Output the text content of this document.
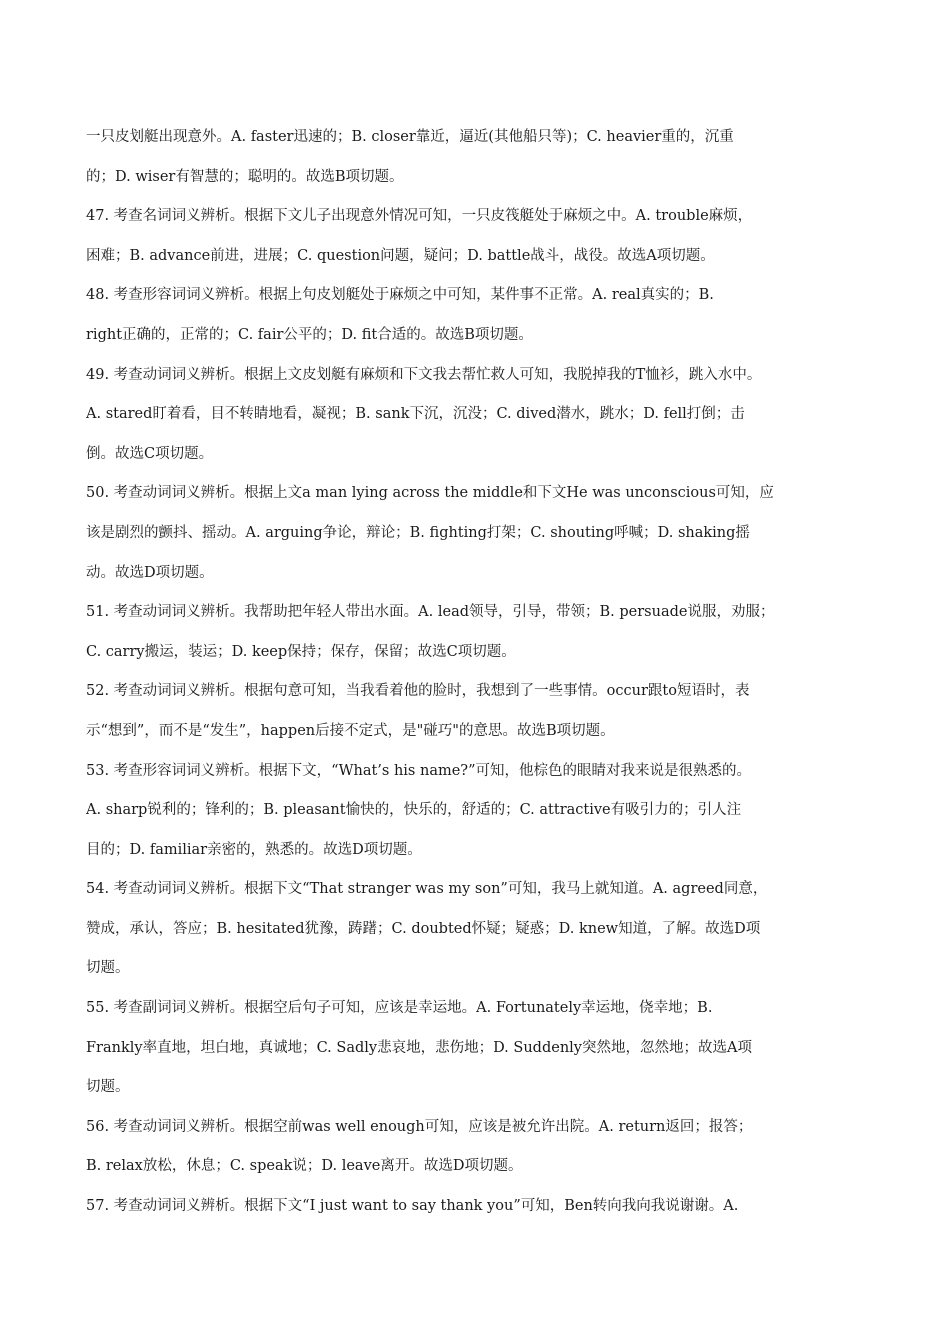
一只皮划艇出现意外。A. faster迅速的；B. closer靠近，逼近(其他船只等)；C. heavier重的，沉重
的；D. wiser有智慧的；聪明的。故选B项切题。
47. 考查名词词义辨析。根据下文儿子出现意外情况可知，一只皮筏艇处于麻烦之中。A. trouble麻烦，
困难；B. advance前进，进展；C. question问题，疑问；D. battle战斗，战役。故选A项切题。
48. 考查形容词词义辨析。根据上句皮划艇处于麻烦之中可知，某件事不正常。A. real真实的；B.
right正确的，正常的；C. fair公平的；D. fit合适的。故选B项切题。
49. 考查动词词义辨析。根据上文皮划艇有麻烦和下文我去帮忙救人可知，我脱掉我的T恤衫，跳入水中。
A. stared盯着看，目不转睛地看，凝视；B. sank下沉，沉没；C. dived潜水，跳水；D. fell打倒；击
倒。故选C项切题。
50. 考查动词词义辨析。根据上文a man lying across the middle和下文He was unconscious可知，应
该是剧烈的颤抖、摇动。A. arguing争论，辩论；B. fighting打架；C. shouting呼喊；D. shaking摇
动。故选D项切题。
51. 考查动词词义辨析。我帮助把年轻人带出水面。A. lead领导，引导，带领；B. persuade说服，劝服；
C. carry搬运，装运；D. keep保持；保存，保留；故选C项切题。
52. 考查动词词义辨析。根据句意可知，当我看着他的脸时，我想到了一些事情。occur跟to短语时，表
示“想到”，而不是“发生”，happen后接不定式，是"碰巧"的意思。故选B项切题。
53. 考查形容词词义辨析。根据下文，“What’s his name?”可知，他棕色的眼睛对我来说是很熟悉的。
A. sharp锐利的；锋利的；B. pleasant愉快的，快乐的，舒适的；C. attractive有吸引力的；引人注
目的；D. familiar亲密的，熟悉的。故选D项切题。
54. 考查动词词义辨析。根据下文“That stranger was my son”可知，我马上就知道。A. agreed同意，
赞成，承认，答应；B. hesitated犹豫，踌躇；C. doubted怀疑；疑惑；D. knew知道，了解。故选D项
切题。
55. 考查副词词义辨析。根据空后句子可知，应该是幸运地。A. Fortunately幸运地，侥幸地；B.
Frankly率直地，坦白地，真诚地；C. Sadly悲哀地，悲伤地；D. Suddenly突然地，忽然地；故选A项
切题。
56. 考查动词词义辨析。根据空前was well enough可知，应该是被允许出院。A. return返回；报答；
B. relax放松，休息；C. speak说；D. leave离开。故选D项切题。
57. 考查动词词义辨析。根据下文“I just want to say thank you”可知，Ben转向我向我说谢谢。A.
